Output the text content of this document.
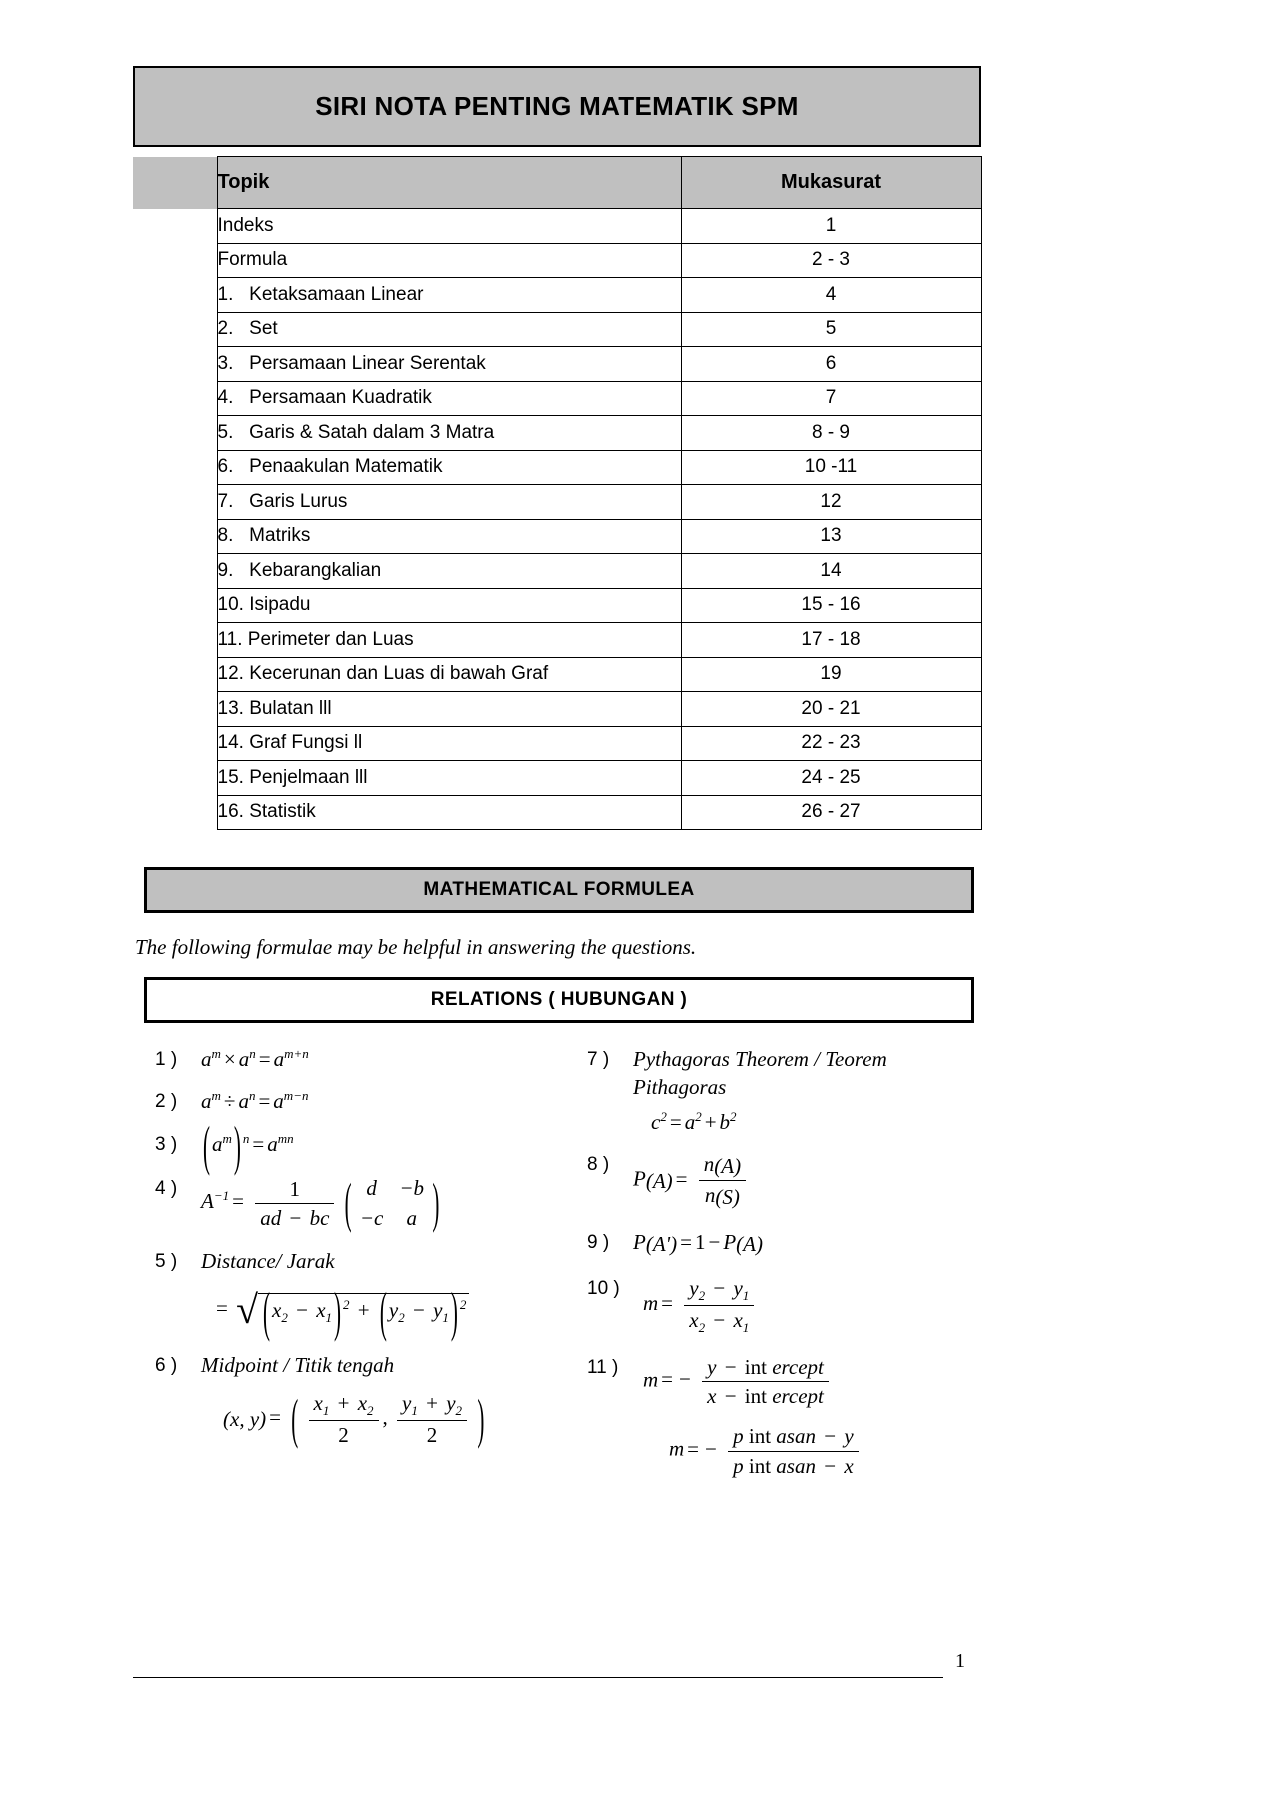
SIRI NOTA PENTING MATEMATIK SPM
	Topik	Mukasurat
	Indeks	1
	Formula	2 - 3
	1.   Ketaksamaan Linear	4
	2.   Set	5
	3.   Persamaan Linear Serentak	6
	4.   Persamaan Kuadratik	7
	5.   Garis & Satah dalam 3 Matra	8 - 9
	6.   Penaakulan Matematik	10 -11
	7.   Garis Lurus	12
	8.   Matriks	13
	9.   Kebarangkalian	14
	10. Isipadu	15 - 16
	11. Perimeter dan Luas	17 - 18
	12. Kecerunan dan Luas di bawah Graf	19
	13. Bulatan lll	20 - 21
	14. Graf Fungsi ll	22 - 23
	15. Penjelmaan lll	24 - 25
	16. Statistik	26 - 27
MATHEMATICAL FORMULEA
The following formulae may be helpful in answering the questions.
RELATIONS ( HUBUNGAN )
1 )	$a^m \times a^n = a^{m+n}$
2 )	$a^m \div a^n = a^{m-n}$
3 )	$(a^m) ^n = a^{mn}$
4 )
$A^{-1} = \frac{1}{ad - bc}$ ( d	−b
−c	a )
5 )	Distance/ Jarak
= √ $(x_2 - x_1) ^2 + (y_2 - y_1)$ $^2$
6 )	Midpoint / Titik tengah
(x, y) = ( $\frac{x_1 + x_2}{2}$ , $\frac{y_1 + y_2}{2}$ )
7 )	Pythagoras Theorem / Teorem
Pithagoras
$c^2 = a^2 + b^2$
8 )
$P(A) = \frac{n(A)}{n(S)}$
9 )	P(A') = 1 − P(A)
10 )
$m = \frac{y_2 - y_1}{x_2 - x_1}$
11 )
m = − $\frac{\text{y − int ercept}}{\text{x − int ercept}}$
m = − $\frac{\text{p int asan − y}}{\text{p int asan − x}}$
1
